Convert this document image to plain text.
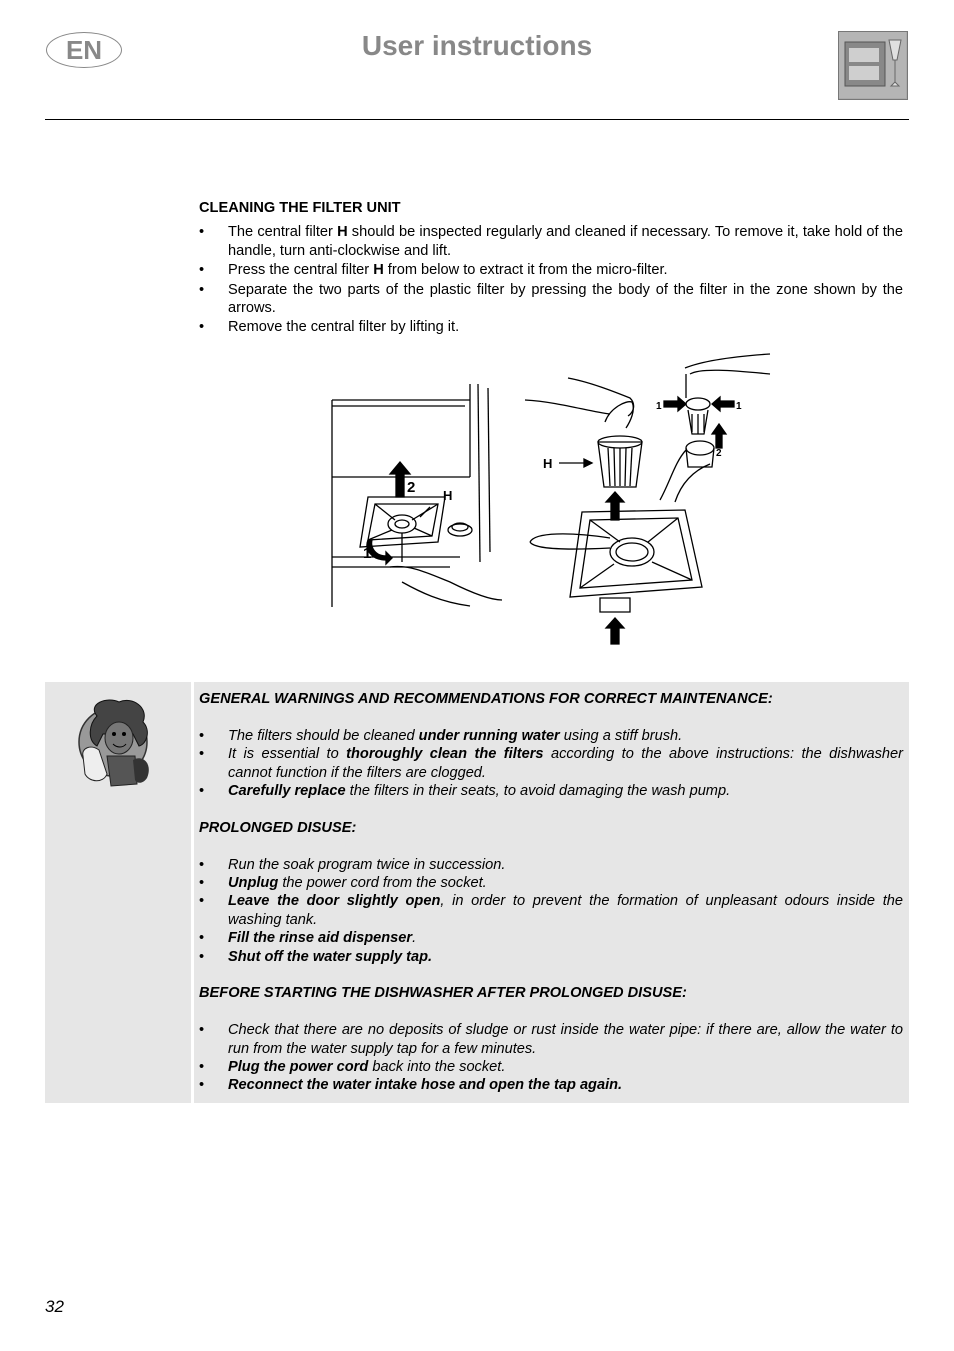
EN	User instructions
CLEANING THE FILTER UNIT
• The central filter H should be inspected regularly and cleaned if necessary. To remove it, take hold of the handle, turn anti-clockwise and lift.
• Press the central filter H from below to extract it from the micro-filter.
• Separate the two parts of the plastic filter by pressing the body of the filter in the zone shown by the arrows.
• Remove the central filter by lifting it.
2 H
1
H
1	1
2
GENERAL WARNINGS AND RECOMMENDATIONS FOR CORRECT MAINTENANCE:
• The filters should be cleaned under running water using a stiff brush.
• It is essential to thoroughly clean the filters according to the above instructions: the dishwasher cannot function if the filters are clogged.
• Carefully replace the filters in their seats, to avoid damaging the wash pump.
PROLONGED DISUSE:
• Run the soak program twice in succession.
• Unplug the power cord from the socket.
• Leave the door slightly open, in order to prevent the formation of unpleasant odours inside the washing tank.
• Fill the rinse aid dispenser.
• Shut off the water supply tap.
BEFORE STARTING THE DISHWASHER AFTER PROLONGED DISUSE:
• Check that there are no deposits of sludge or rust inside the water pipe: if there are, allow the water to run from the water supply tap for a few minutes.
• Plug the power cord back into the socket.
• Reconnect the water intake hose and open the tap again.
32
